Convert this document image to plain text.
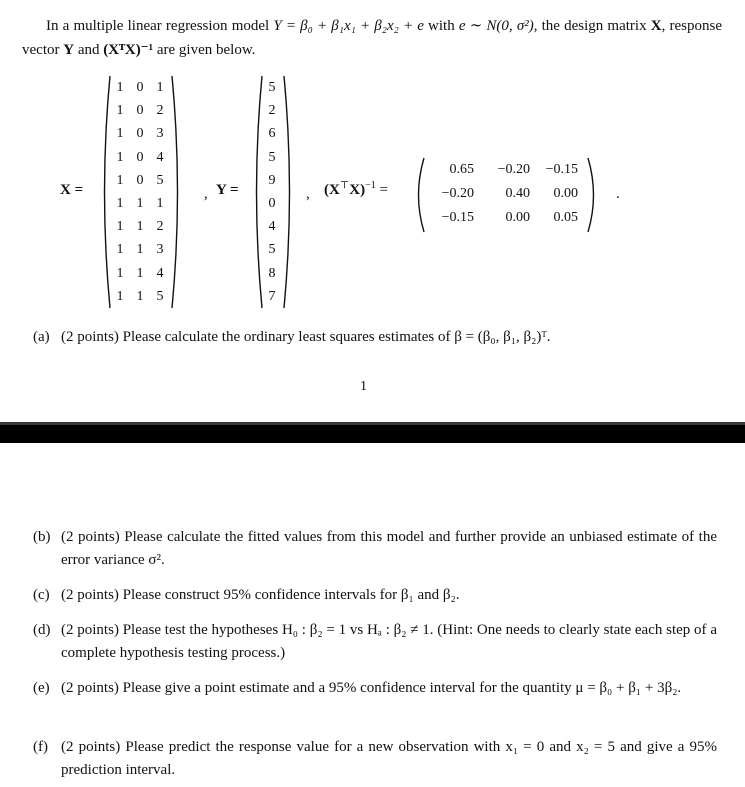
In a multiple linear regression model Y = β₀ + β₁x₁ + β₂x₂ + e with e ∼ N(0, σ²), the design matrix X, response vector Y and (XᵀX)⁻¹ are given below.
X =
1 0 1
1 0 2
1 0 3
1 0 4
1 0 5
1 1 1
1 1 2
1 1 3
1 1 4
1 1 5
, Y =
5
2
6
5
9
0
4
5
8
7
, $(X^⊤X)^{-1}$ =
0.65	−0.20	−0.15
−0.20	0.40	0.00
−0.15	0.00	0.05
.
(a) (2 points) Please calculate the ordinary least squares estimates of β = (β₀, β₁, β₂)ᵀ.
1
(b) (2 points) Please calculate the fitted values from this model and further provide an unbiased estimate of the error variance σ².
(c) (2 points) Please construct 95% confidence intervals for β₁ and β₂.
(d) (2 points) Please test the hypotheses H₀ : β₂ = 1 vs Hₐ : β₂ ≠ 1. (Hint: One needs to clearly state each step of a complete hypothesis testing process.)
(e) (2 points) Please give a point estimate and a 95% confidence interval for the quantity μ = β₀ + β₁ + 3β₂.
(f) (2 points) Please predict the response value for a new observation with x₁ = 0 and x₂ = 5 and give a 95% prediction interval.
